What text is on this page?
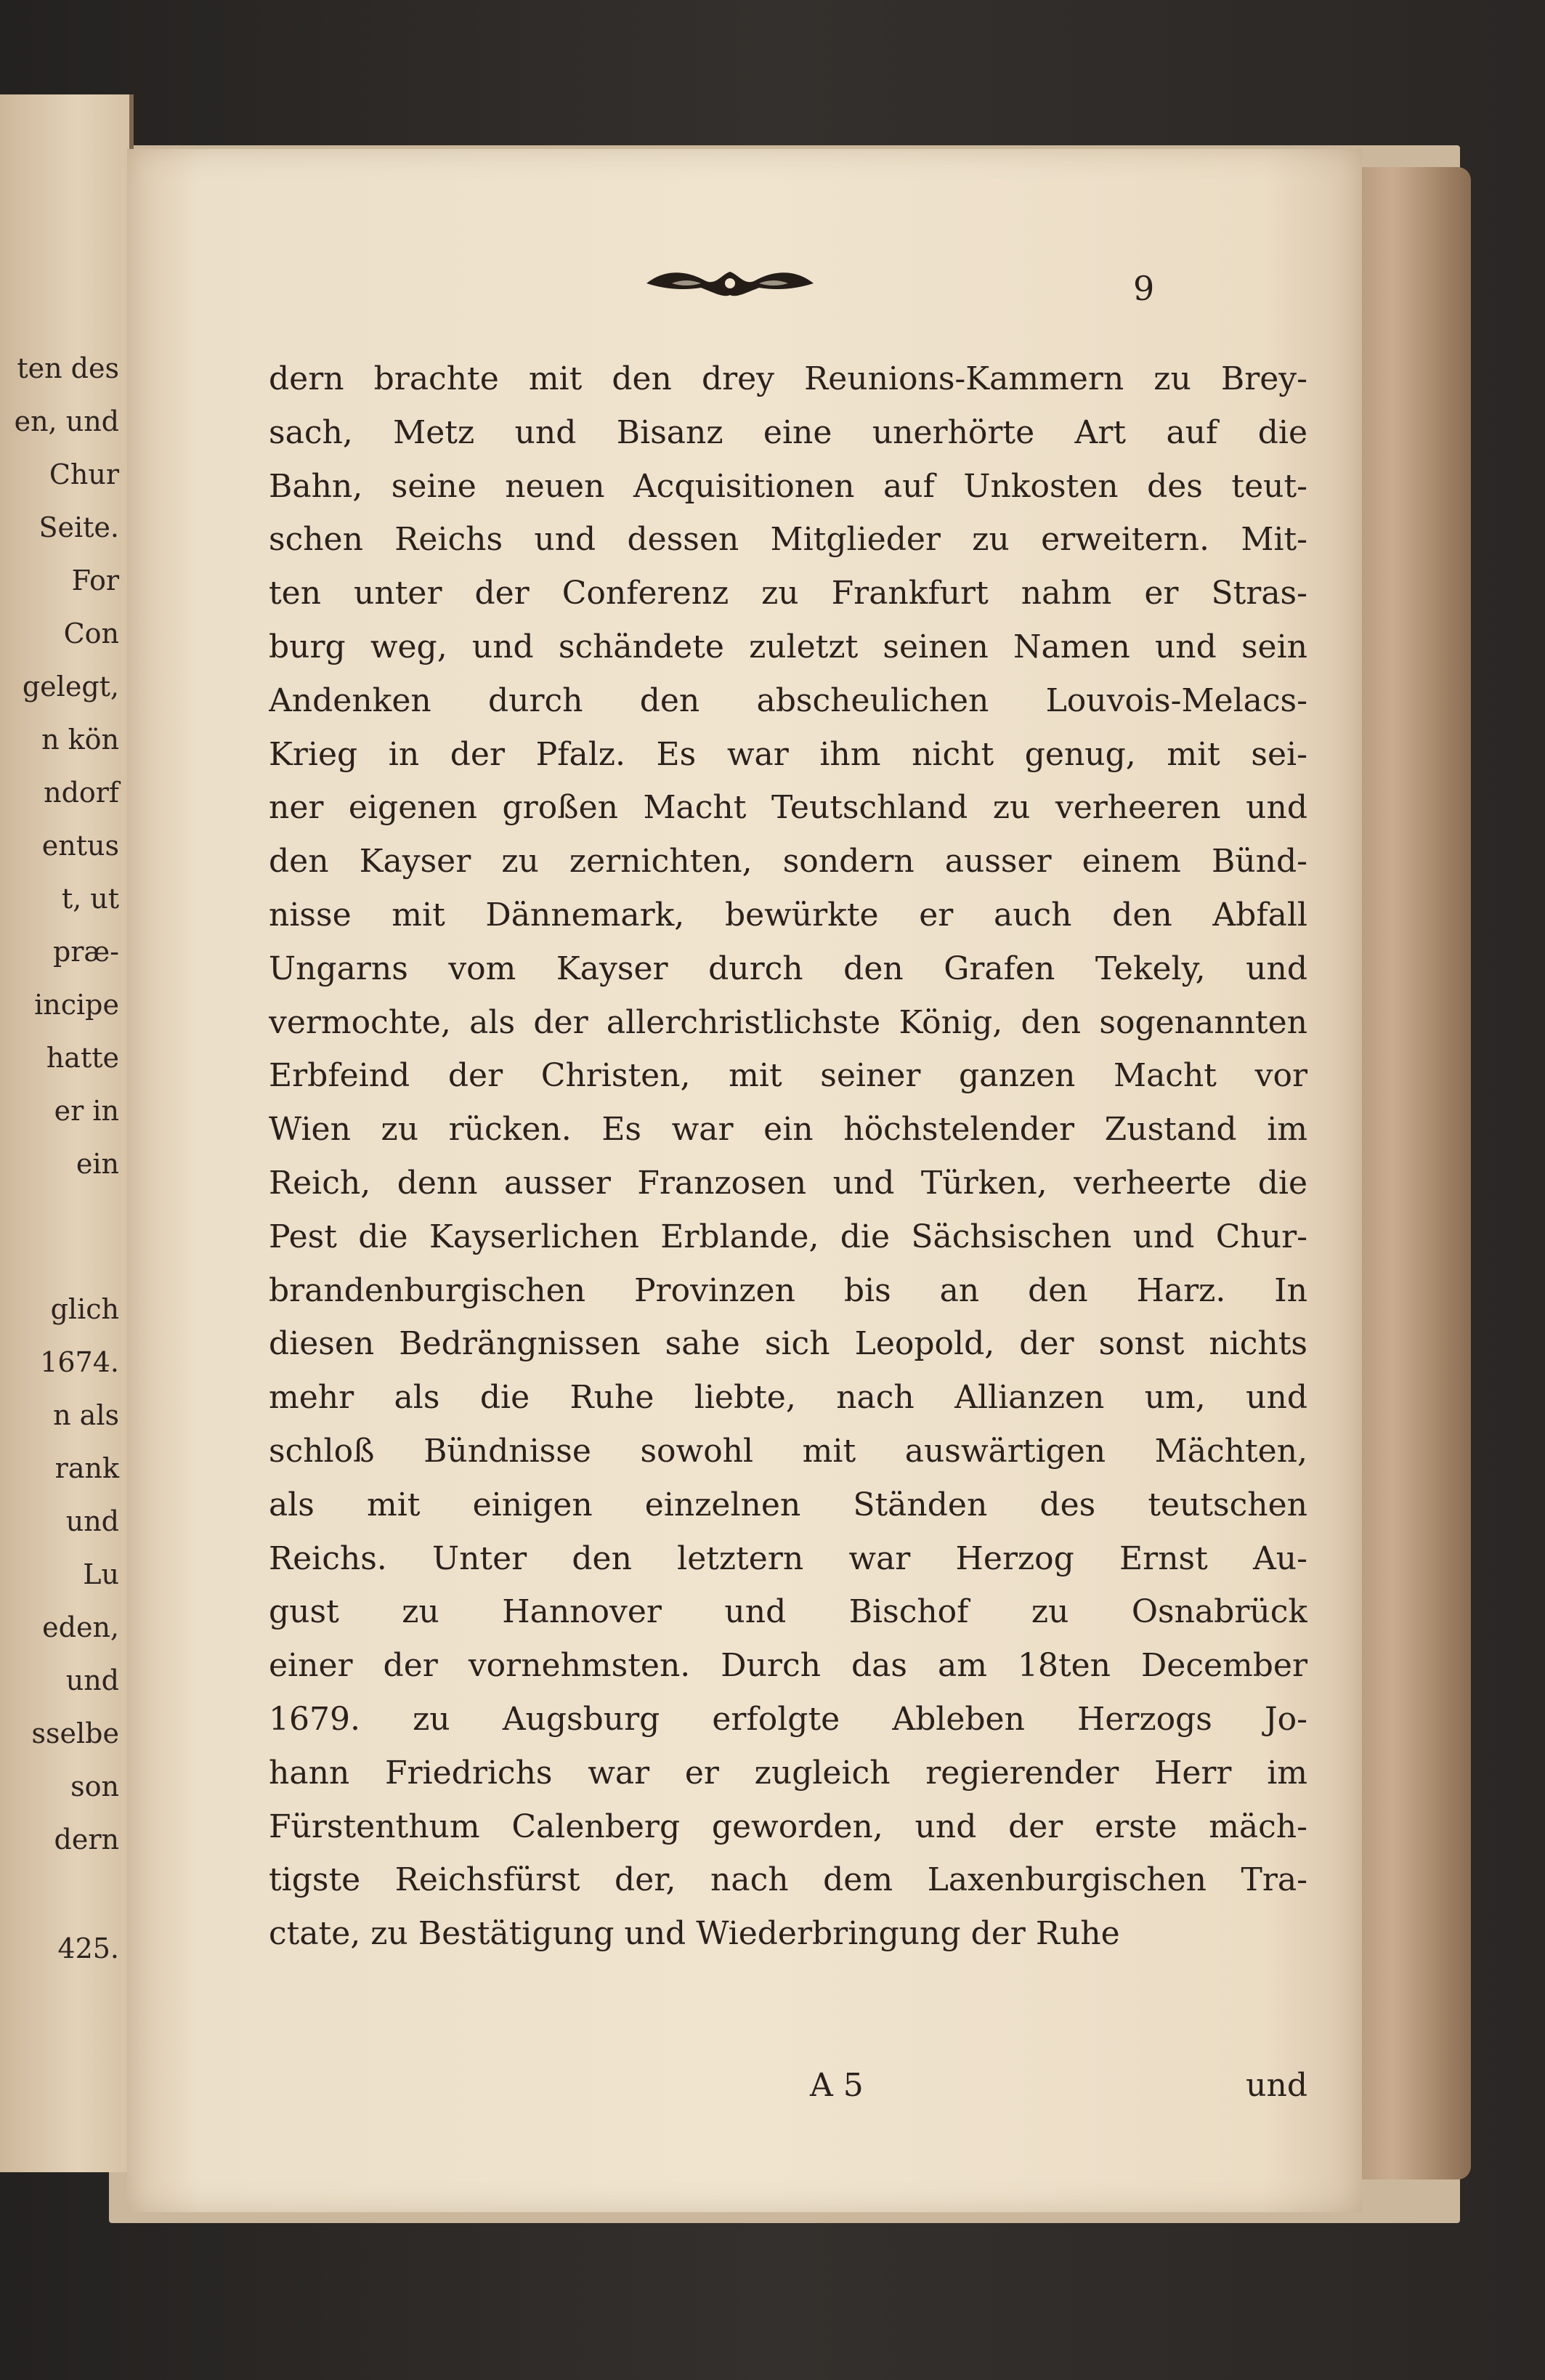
ten des
en, und
Chur
Seite.
For
Con
gelegt,
n kön
ndorf
entus
t, ut
præ-
incipe
hatte
er in
ein
glich
1674.
n als
rank
und
Lu
eden,
und
sselbe
son
dern
425.
9
dern brachte mit den drey Reunions-Kammern zu Brey-
sach, Metz und Bisanz eine unerhörte Art auf die
Bahn, seine neuen Acquisitionen auf Unkosten des teut-
schen Reichs und dessen Mitglieder zu erweitern. Mit-
ten unter der Conferenz zu Frankfurt nahm er Stras-
burg weg, und schändete zuletzt seinen Namen und sein
Andenken durch den abscheulichen Louvois-Melacs-
Krieg in der Pfalz. Es war ihm nicht genug, mit sei-
ner eigenen großen Macht Teutschland zu verheeren und
den Kayser zu zernichten, sondern ausser einem Bünd-
nisse mit Dännemark, bewürkte er auch den Abfall
Ungarns vom Kayser durch den Grafen Tekely, und
vermochte, als der allerchristlichste König, den sogenannten
Erbfeind der Christen, mit seiner ganzen Macht vor
Wien zu rücken. Es war ein höchstelender Zustand im
Reich, denn ausser Franzosen und Türken, verheerte die
Pest die Kayserlichen Erblande, die Sächsischen und Chur-
brandenburgischen Provinzen bis an den Harz. In
diesen Bedrängnissen sahe sich Leopold, der sonst nichts
mehr als die Ruhe liebte, nach Allianzen um, und
schloß Bündnisse sowohl mit auswärtigen Mächten,
als mit einigen einzelnen Ständen des teutschen
Reichs. Unter den letztern war Herzog Ernst Au-
gust zu Hannover und Bischof zu Osnabrück
einer der vornehmsten. Durch das am 18ten December
1679. zu Augsburg erfolgte Ableben Herzogs Jo-
hann Friedrichs war er zugleich regierender Herr im
Fürstenthum Calenberg geworden, und der erste mäch-
tigste Reichsfürst der, nach dem Laxenburgischen Tra-
ctate, zu Bestätigung und Wiederbringung der Ruhe
A 5	und
